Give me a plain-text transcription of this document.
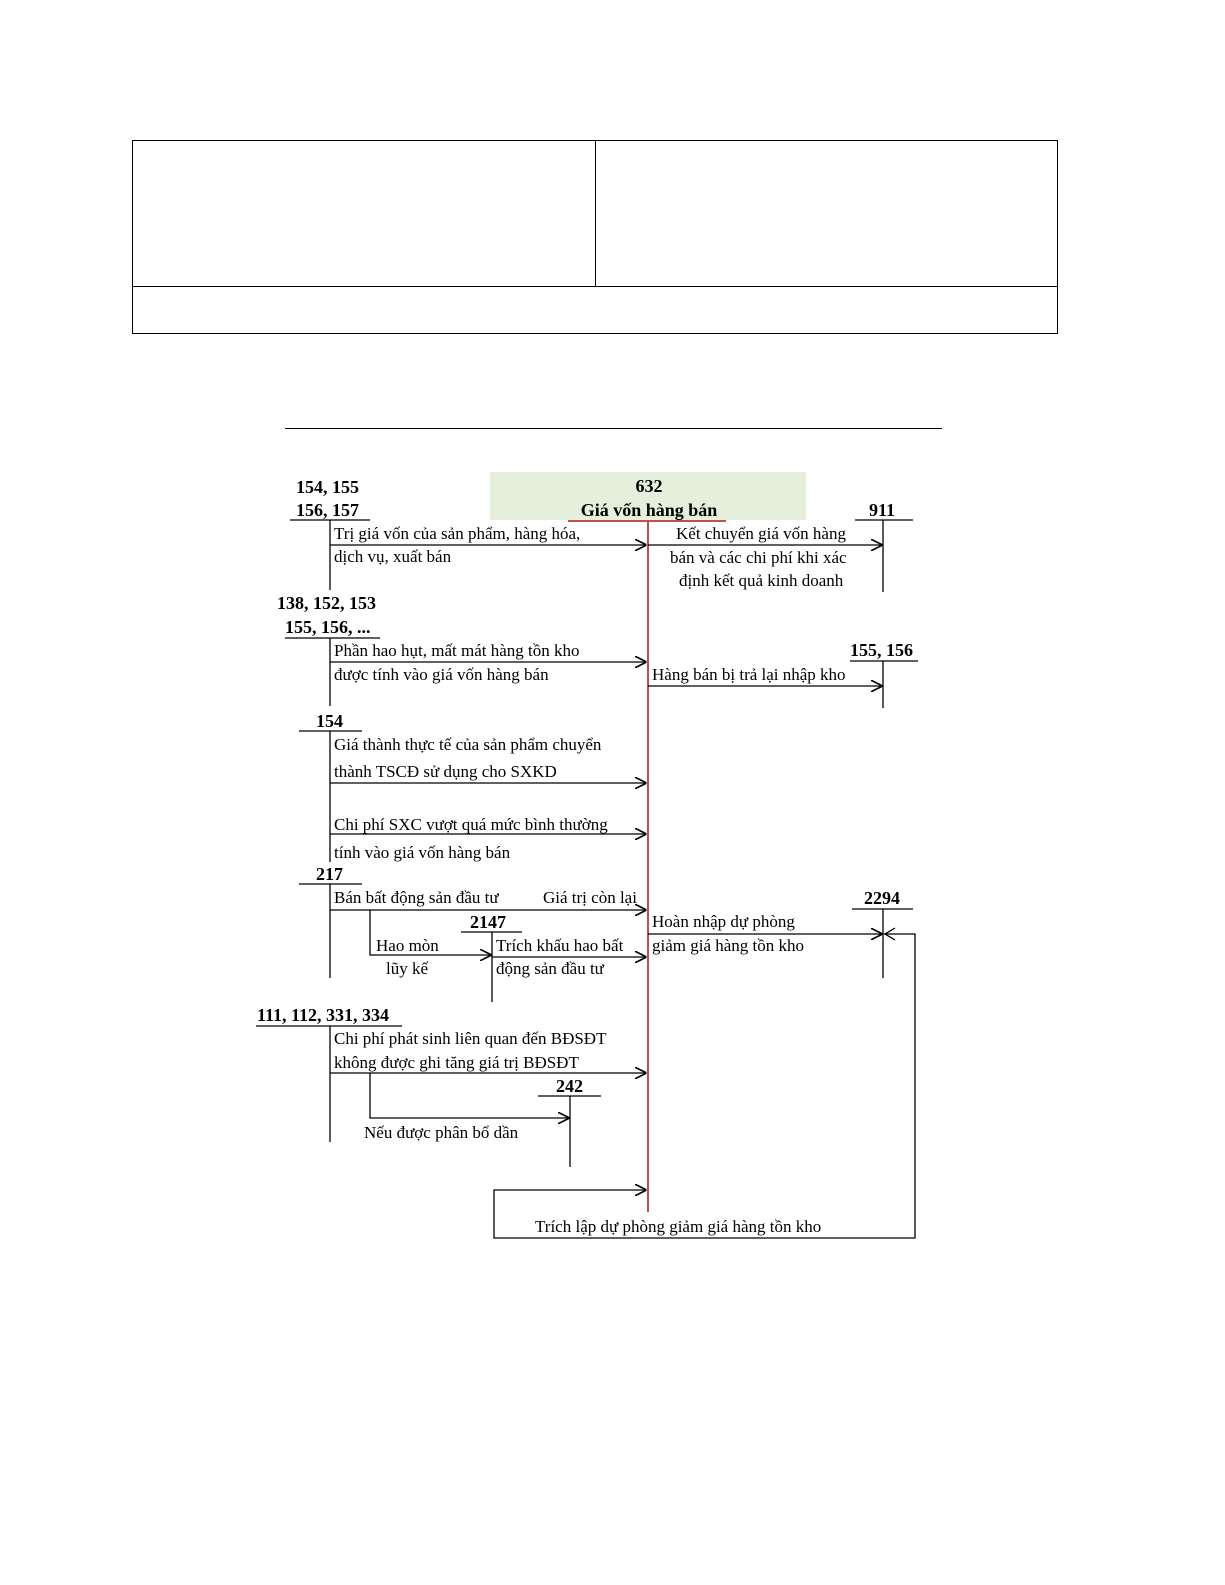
632
Giá vốn hàng bán
154, 155
156, 157	911
138, 152, 153
155, 156, ...
155, 156
154
217
2147
2294
111, 112, 331, 334
242
Trị giá vốn của sản phẩm, hàng hóa,
dịch vụ, xuất bán
Kết chuyển giá vốn hàng
bán và các chi phí khi xác
định kết quả kinh doanh
Phần hao hụt, mất mát hàng tồn kho
được tính vào giá vốn hàng bán	Hàng bán bị trả lại nhập kho
Giá thành thực tế của sản phẩm chuyển
thành TSCĐ sử dụng cho SXKD
Chi phí SXC vượt quá mức bình thường
tính vào giá vốn hàng bán
Bán bất động sản đầu tư	Giá trị còn lại
Hao mòn
lũy kế
Trích khấu hao bất
động sản đầu tư
Hoàn nhập dự phòng
giảm giá hàng tồn kho
Chi phí phát sinh liên quan đến BĐSĐT
không được ghi tăng giá trị BĐSĐT
Nếu được phân bổ dần
Trích lập dự phòng giảm giá hàng tồn kho
